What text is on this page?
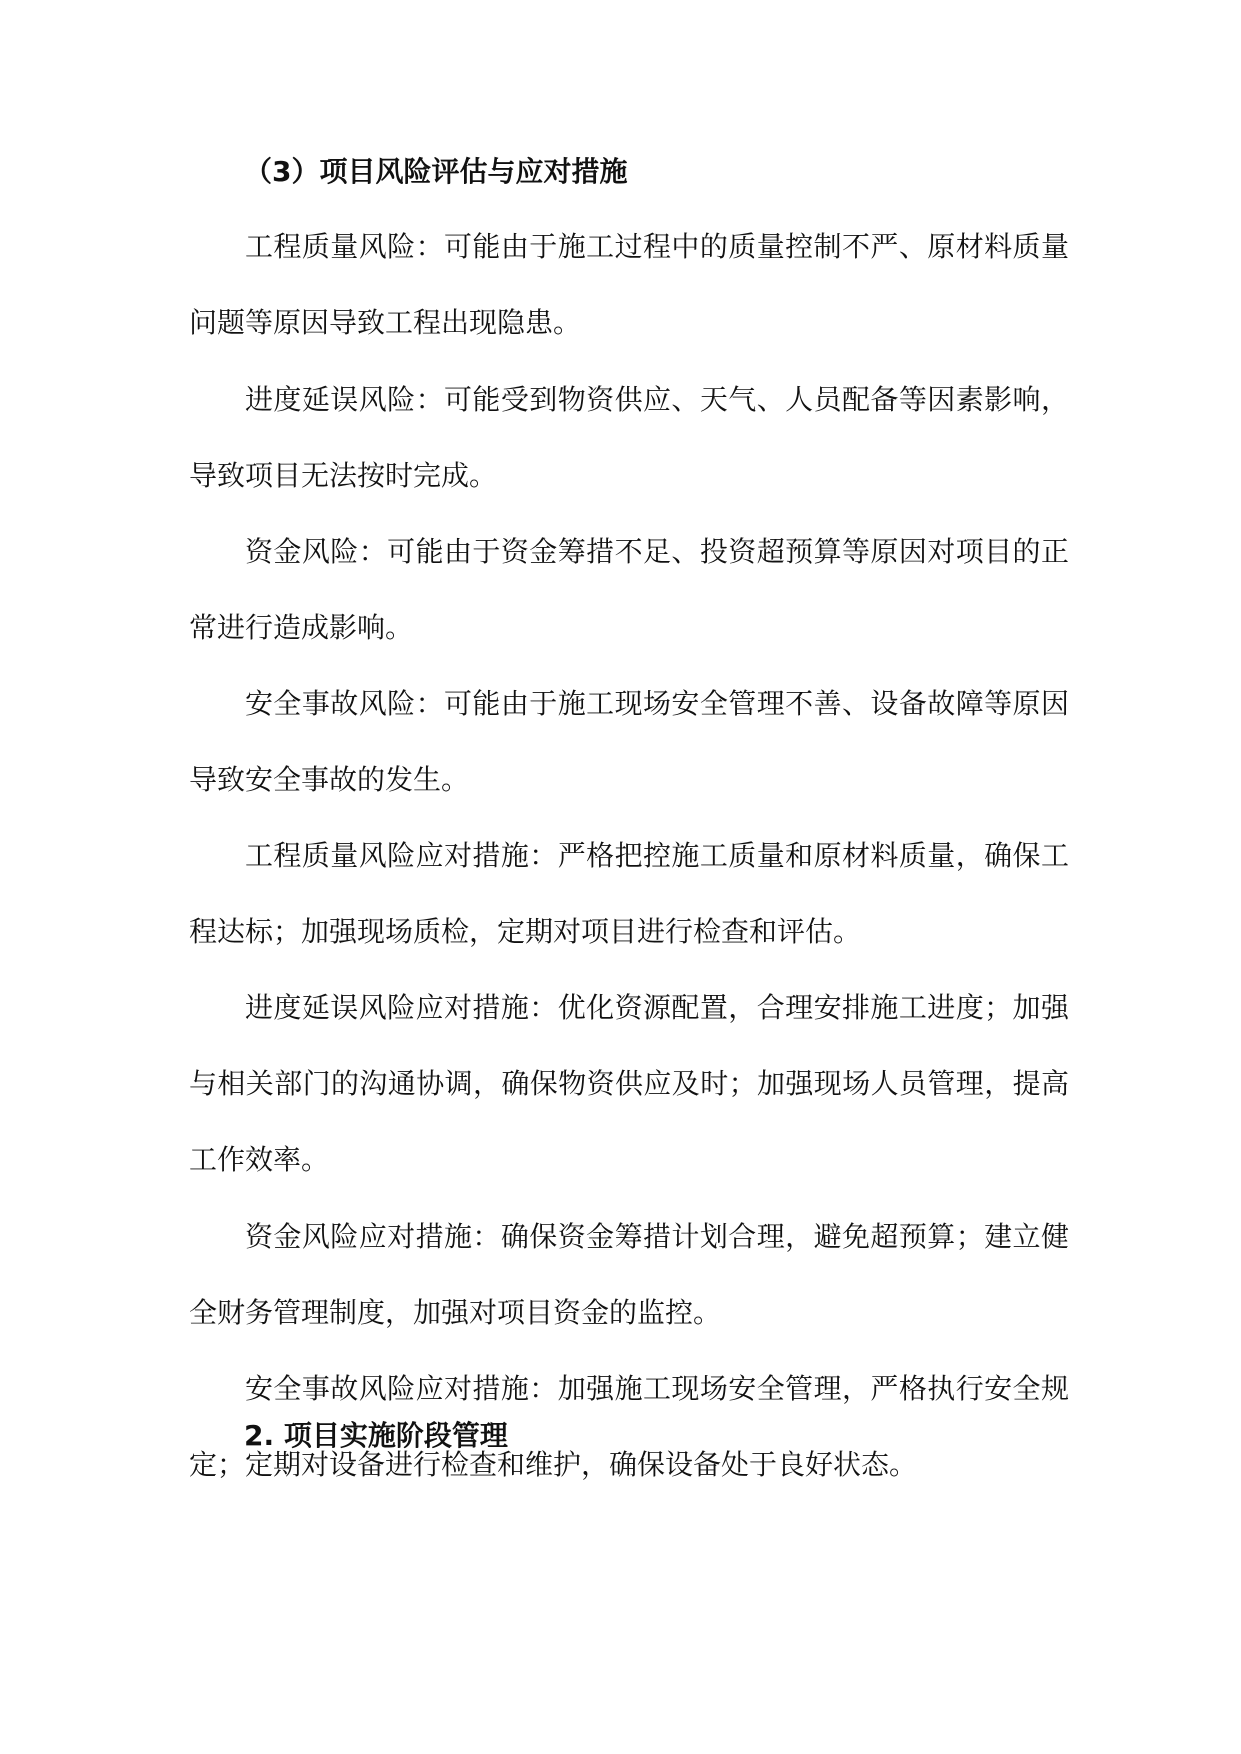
（3）项目风险评估与应对措施

工程质量风险：可能由于施工过程中的质量控制不严、原材料质量问题等原因导致工程出现隐患。

进度延误风险：可能受到物资供应、天气、人员配备等因素影响，导致项目无法按时完成。

资金风险：可能由于资金筹措不足、投资超预算等原因对项目的正常进行造成影响。

安全事故风险：可能由于施工现场安全管理不善、设备故障等原因导致安全事故的发生。

工程质量风险应对措施：严格把控施工质量和原材料质量，确保工程达标；加强现场质检，定期对项目进行检查和评估。

进度延误风险应对措施：优化资源配置，合理安排施工进度；加强与相关部门的沟通协调，确保物资供应及时；加强现场人员管理，提高工作效率。

资金风险应对措施：确保资金筹措计划合理，避免超预算；建立健全财务管理制度，加强对项目资金的监控。

安全事故风险应对措施：加强施工现场安全管理，严格执行安全规定；定期对设备进行检查和维护，确保设备处于良好状态。

2. 项目实施阶段管理
